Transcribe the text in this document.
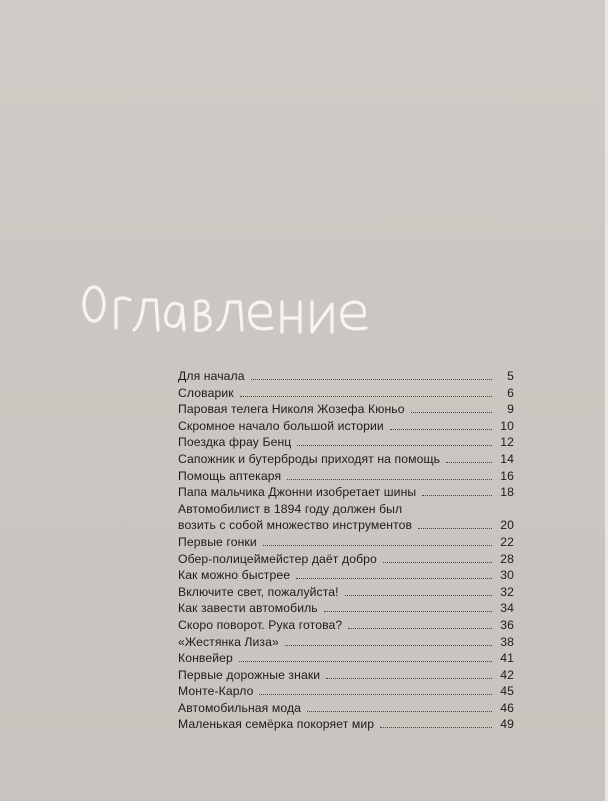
Для начала	5
Словарик	6
Паровая телега Николя Жозефа Кюньо	9
Скромное начало большой истории	10
Поездка фрау Бенц	12
Сапожник и бутерброды приходят на помощь	14
Помощь аптекаря	16
Папа мальчика Джонни изобретает шины	18
Автомобилист в 1894 году должен был
возить с собой множество инструментов	20
Первые гонки	22
Обер-полицеймейстер даёт добро	28
Как можно быстрее	30
Включите свет, пожалуйста!	32
Как завести автомобиль	34
Скоро поворот. Рука готова?	36
«Жестянка Лиза»	38
Конвейер	41
Первые дорожные знаки	42
Монте-Карло	45
Автомобильная мода	46
Маленькая семёрка покоряет мир	49
